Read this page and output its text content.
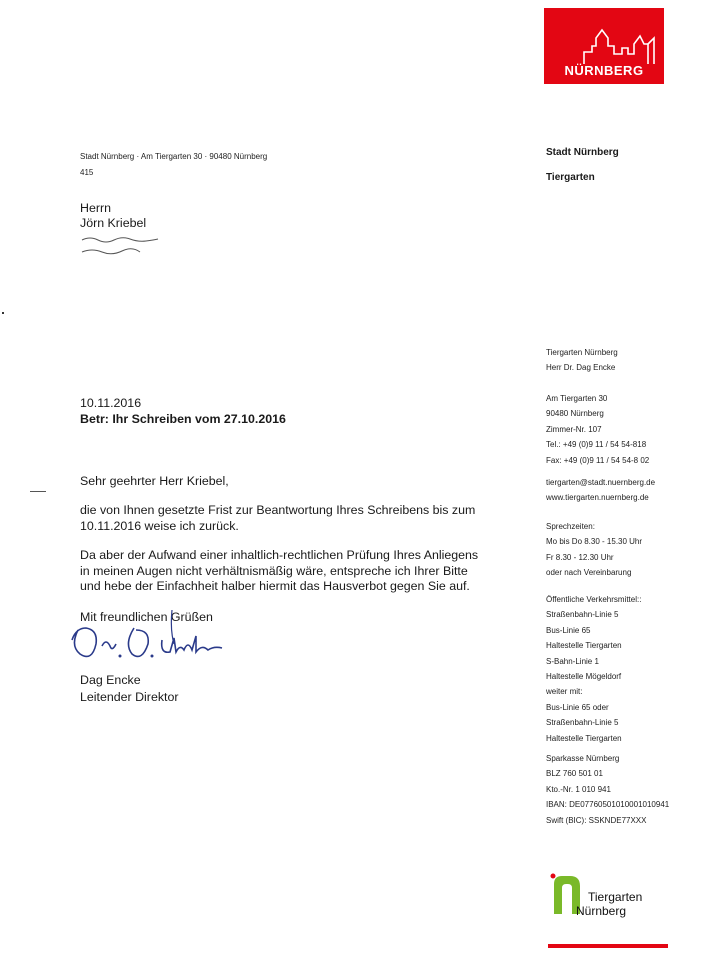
NÜRNBERG
Stadt Nürnberg · Am Tiergarten 30 · 90480 Nürnberg
415
Stadt Nürnberg
Tiergarten
Herrn
Jörn Kriebel
Tiergarten Nürnberg
Herr Dr. Dag Encke
Am Tiergarten 30
90480 Nürnberg
Zimmer-Nr. 107
Tel.: +49 (0)9 11 / 54 54-818
Fax: +49 (0)9 11 / 54 54-8 02
tiergarten@stadt.nuernberg.de
www.tiergarten.nuernberg.de
Sprechzeiten:
Mo bis Do 8.30 - 15.30 Uhr
Fr 8.30 - 12.30 Uhr
oder nach Vereinbarung
Öffentliche Verkehrsmittel::
Straßenbahn-Linie 5
Bus-Linie 65
Haltestelle Tiergarten
S-Bahn-Linie 1
Haltestelle Mögeldorf
weiter mit:
Bus-Linie 65 oder
Straßenbahn-Linie 5
Haltestelle Tiergarten
Sparkasse Nürnberg
BLZ 760 501 01
Kto.-Nr. 1 010 941
IBAN: DE07760501010001010941
Swift (BIC): SSKNDE77XXX
10.11.2016
Betr: Ihr Schreiben vom 27.10.2016
Sehr geehrter Herr Kriebel,
die von Ihnen gesetzte Frist zur Beantwortung Ihres Schreibens bis zum
10.11.2016 weise ich zurück.
Da aber der Aufwand einer inhaltlich-rechtlichen Prüfung Ihres Anliegens
in meinen Augen nicht verhältnismäßig wäre, entspreche ich Ihrer Bitte
und hebe der Einfachheit halber hiermit das Hausverbot gegen Sie auf.
Mit freundlichen Grüßen
Dag Encke
Leitender Direktor
Tiergarten
Nürnberg
